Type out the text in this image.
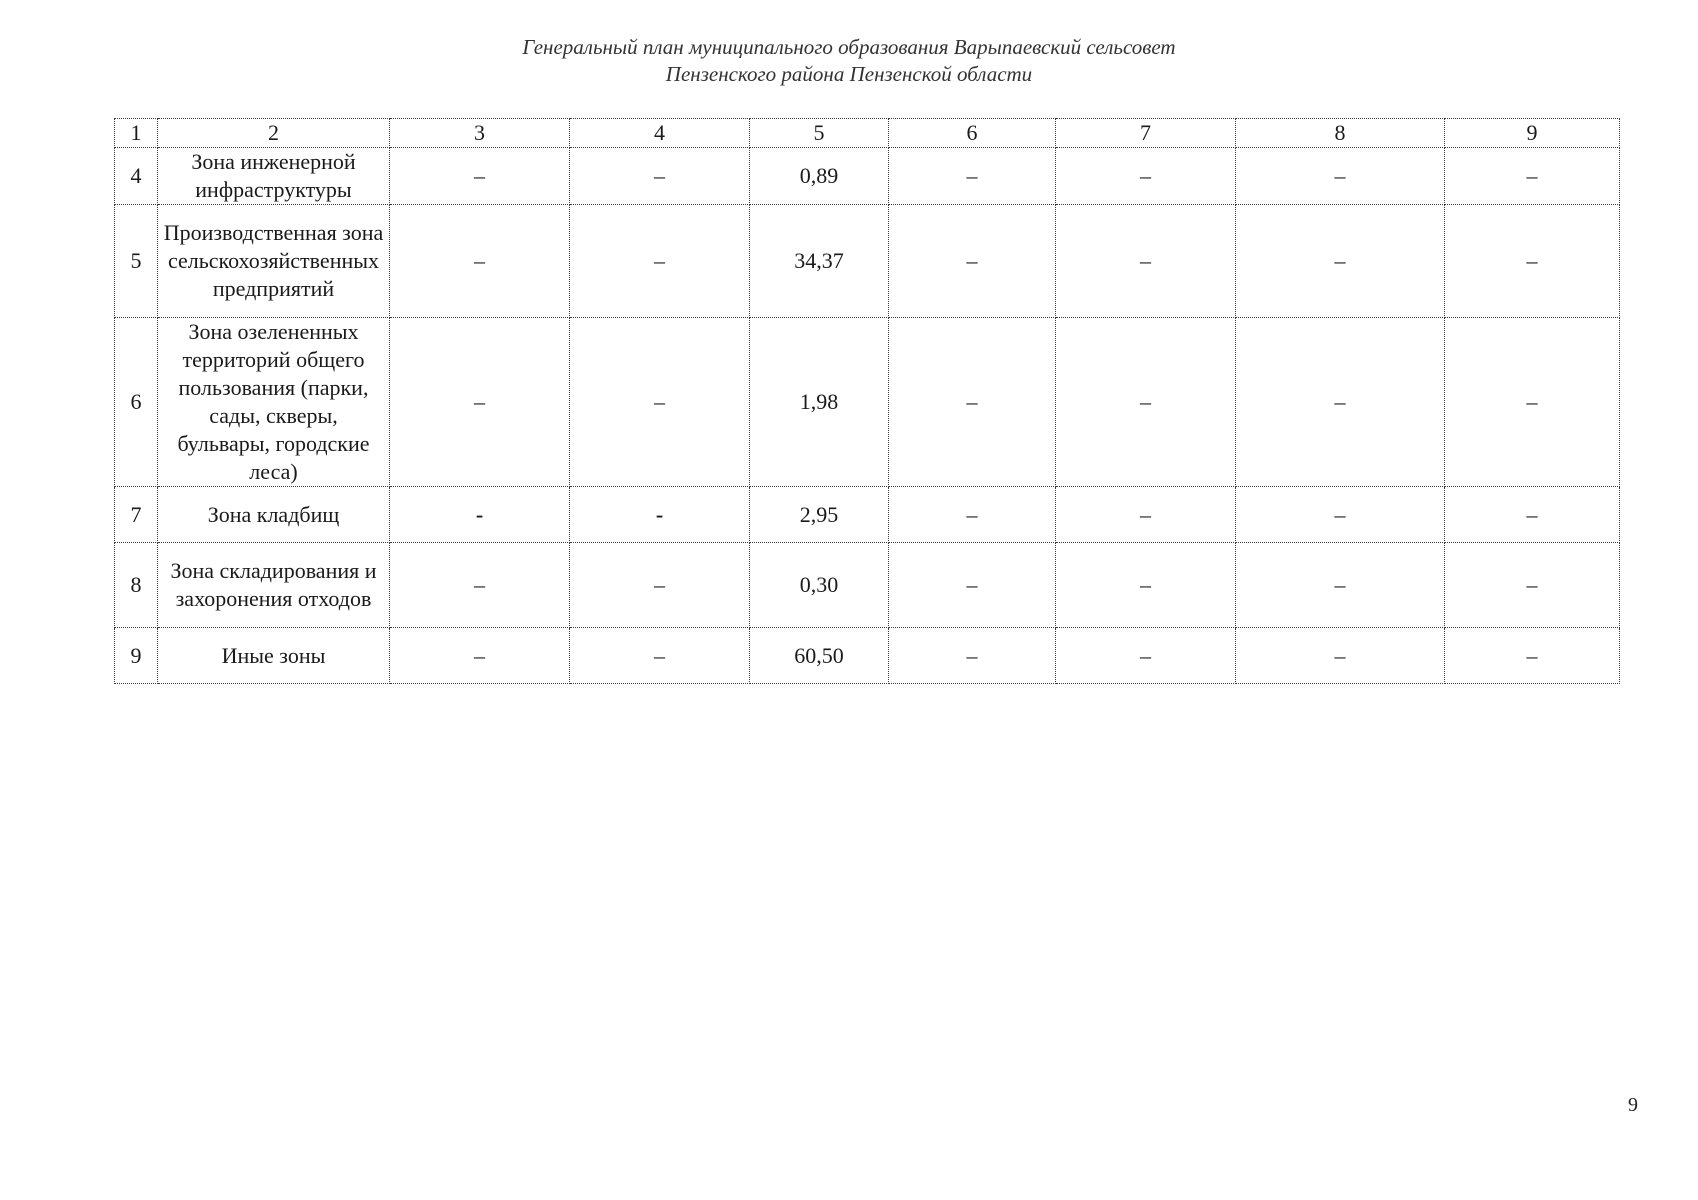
Генеральный план муниципального образования Варыпаевский сельсовет
Пензенского района Пензенской области
1	2	3	4	5	6	7	8	9
4	Зона инженерной инфраструктуры	–	–	0,89	–	–	–	–
5	Производственная зона сельскохозяйственных предприятий	–	–	34,37	–	–	–	–
6	Зона озелененных территорий общего пользования (парки, сады, скверы, бульвары, городские леса)	–	–	1,98	–	–	–	–
7	Зона кладбищ	-	-	2,95	–	–	–	–
8	Зона складирования и захоронения отходов	–	–	0,30	–	–	–	–
9	Иные зоны	–	–	60,50	–	–	–	–
9
